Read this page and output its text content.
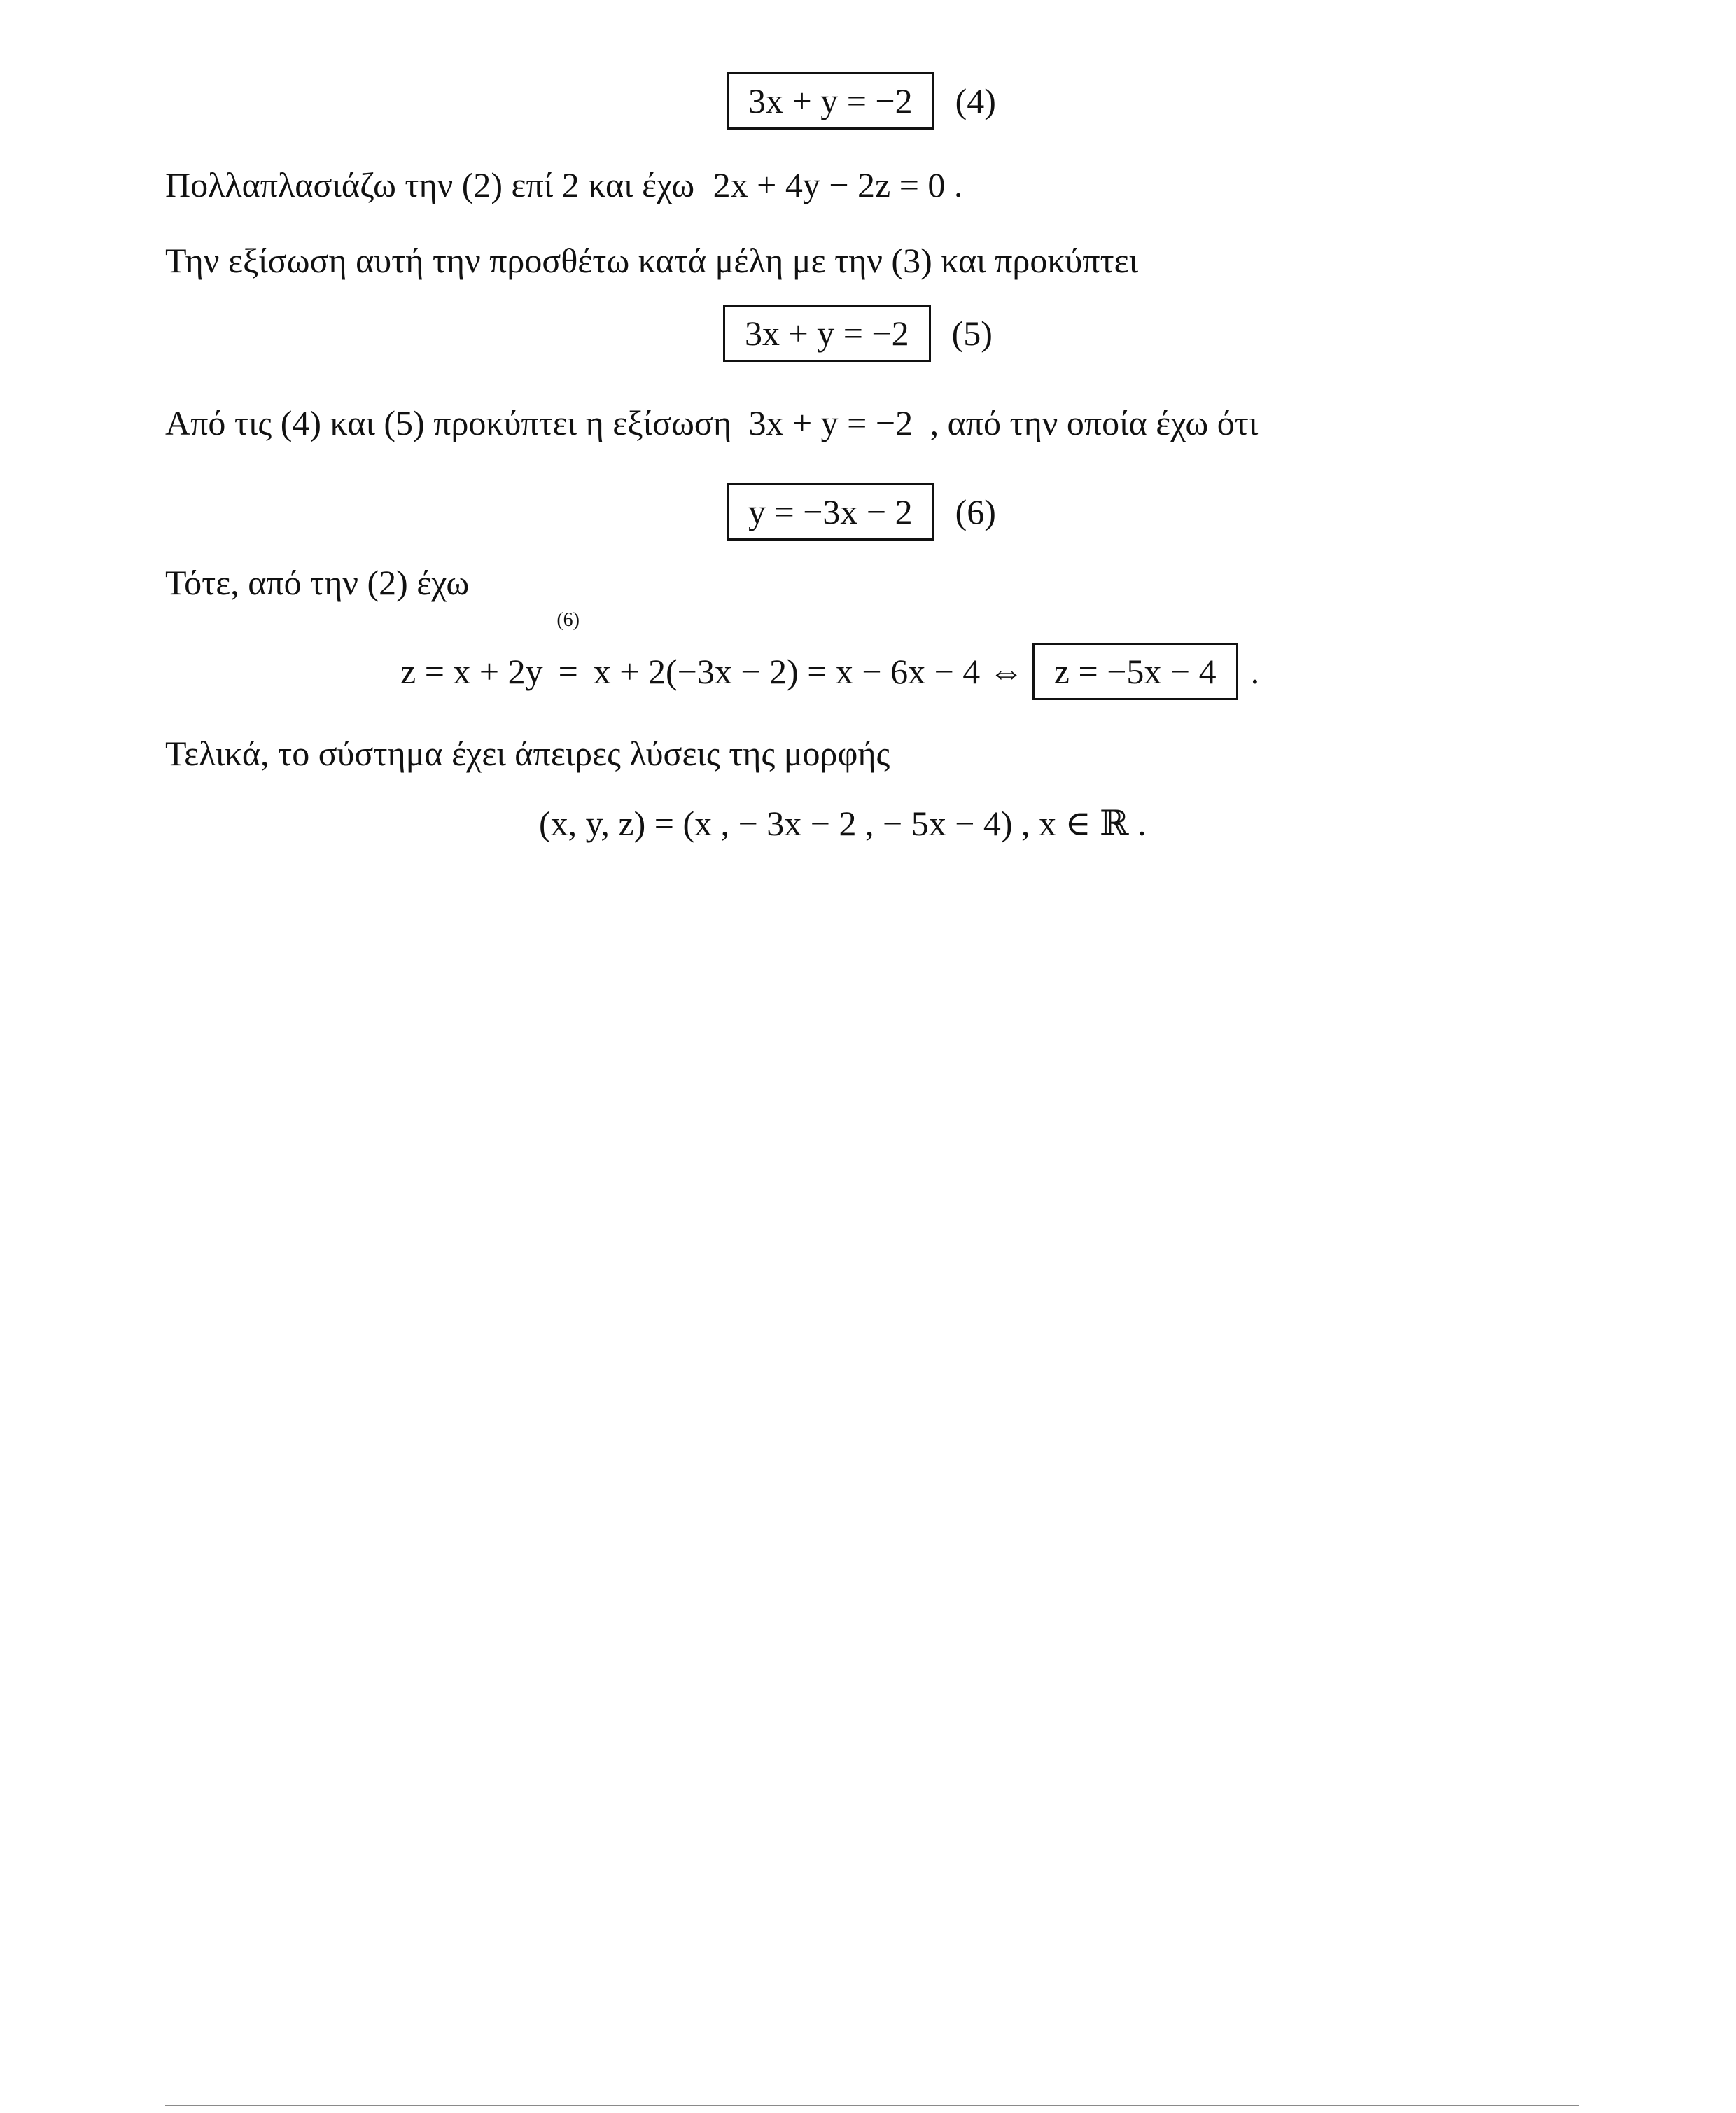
3x + y = −2	(4)
Πολλαπλασιάζω την (2) επί 2 και έχω 2x + 4y − 2z = 0 .
Την εξίσωση αυτή την προσθέτω κατά μέλη με την (3) και προκύπτει
3x + y = −2	(5)
Από τις (4) και (5) προκύπτει η εξίσωση 3x + y = −2 , από την οποία έχω ότι
y = −3x − 2	(6)
Τότε, από την (2) έχω
z = x + 2y
(6)
= x + 2(−3x − 2) = x − 6x − 4 ⇔ z = −5x − 4 .
Τελικά, το σύστημα έχει άπειρες λύσεις της μορφής
(x, y, z) = (x , − 3x − 2 , − 5x − 4) , x ∈ ℝ .
